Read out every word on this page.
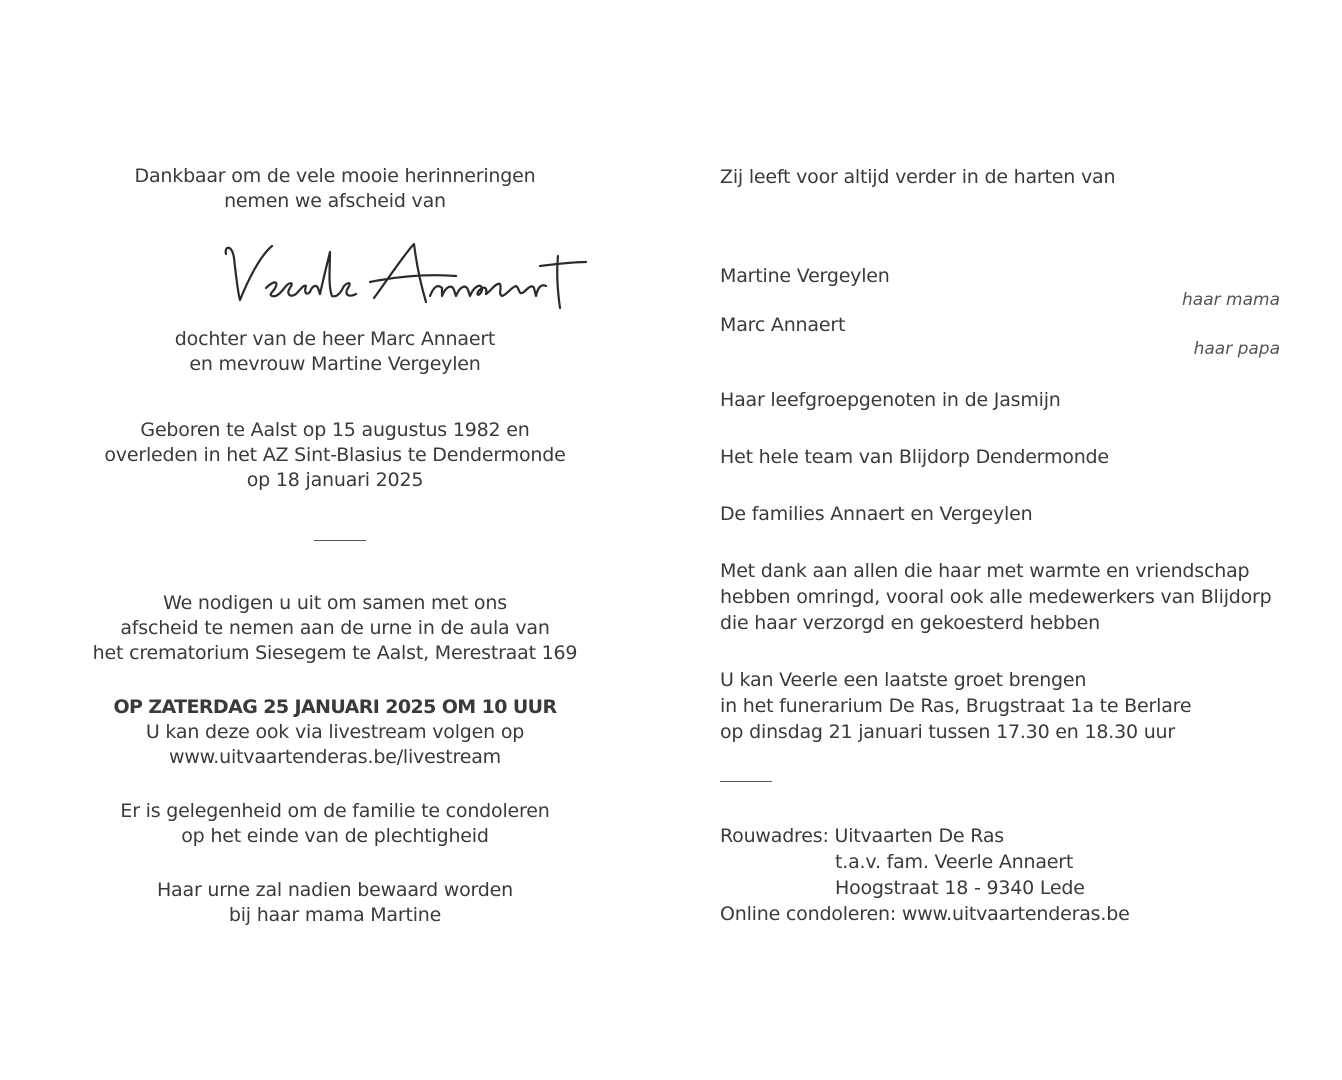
Dankbaar om de vele mooie herinneringen
nemen we afscheid van
dochter van de heer Marc Annaert
en mevrouw Martine Vergeylen
Geboren te Aalst op 15 augustus 1982 en
overleden in het AZ Sint-Blasius te Dendermonde
op 18 januari 2025
We nodigen u uit om samen met ons
afscheid te nemen aan de urne in de aula van
het crematorium Siesegem te Aalst, Merestraat 169
OP ZATERDAG 25 JANUARI 2025 OM 10 UUR
U kan deze ook via livestream volgen op
www.uitvaartenderas.be/livestream
Er is gelegenheid om de familie te condoleren
op het einde van de plechtigheid
Haar urne zal nadien bewaard worden
bij haar mama Martine
Zij leeft voor altijd verder in de harten van
Martine Vergeylen
haar mama
Marc Annaert
haar papa
Haar leefgroepgenoten in de Jasmijn
Het hele team van Blijdorp Dendermonde
De families Annaert en Vergeylen
Met dank aan allen die haar met warmte en vriendschap
hebben omringd, vooral ook alle medewerkers van Blijdorp
die haar verzorgd en gekoesterd hebben
U kan Veerle een laatste groet brengen
in het funerarium De Ras, Brugstraat 1a te Berlare
op dinsdag 21 januari tussen 17.30 en 18.30 uur
Rouwadres: Uitvaarten De Ras
t.a.v. fam. Veerle Annaert
Hoogstraat 18 - 9340 Lede
Online condoleren: www.uitvaartenderas.be
